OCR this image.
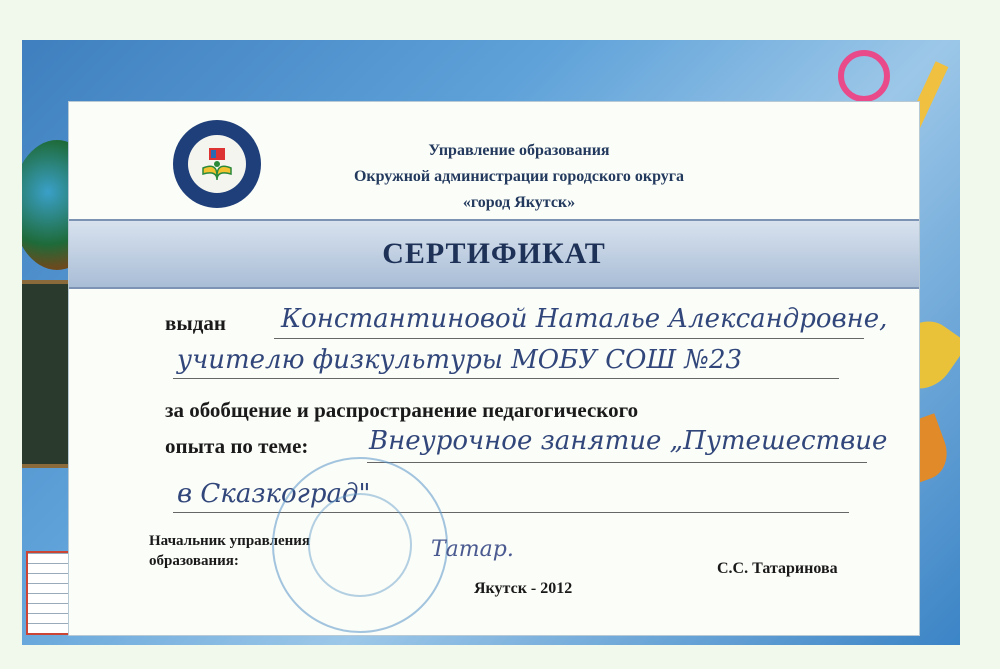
Управление образования
Окружной администрации городского округа
«город Якутск»
СЕРТИФИКАТ
выдан Константиновой Наталье Александровне,
учителю физкультуры МОБУ СОШ №23
за обобщение и распространение педагогического
опыта по теме: Внеурочное занятие „Путешествие
в Сказкоград"
Начальник управления
образования:	Татар.
С.С. Татаринова
Якутск - 2012
